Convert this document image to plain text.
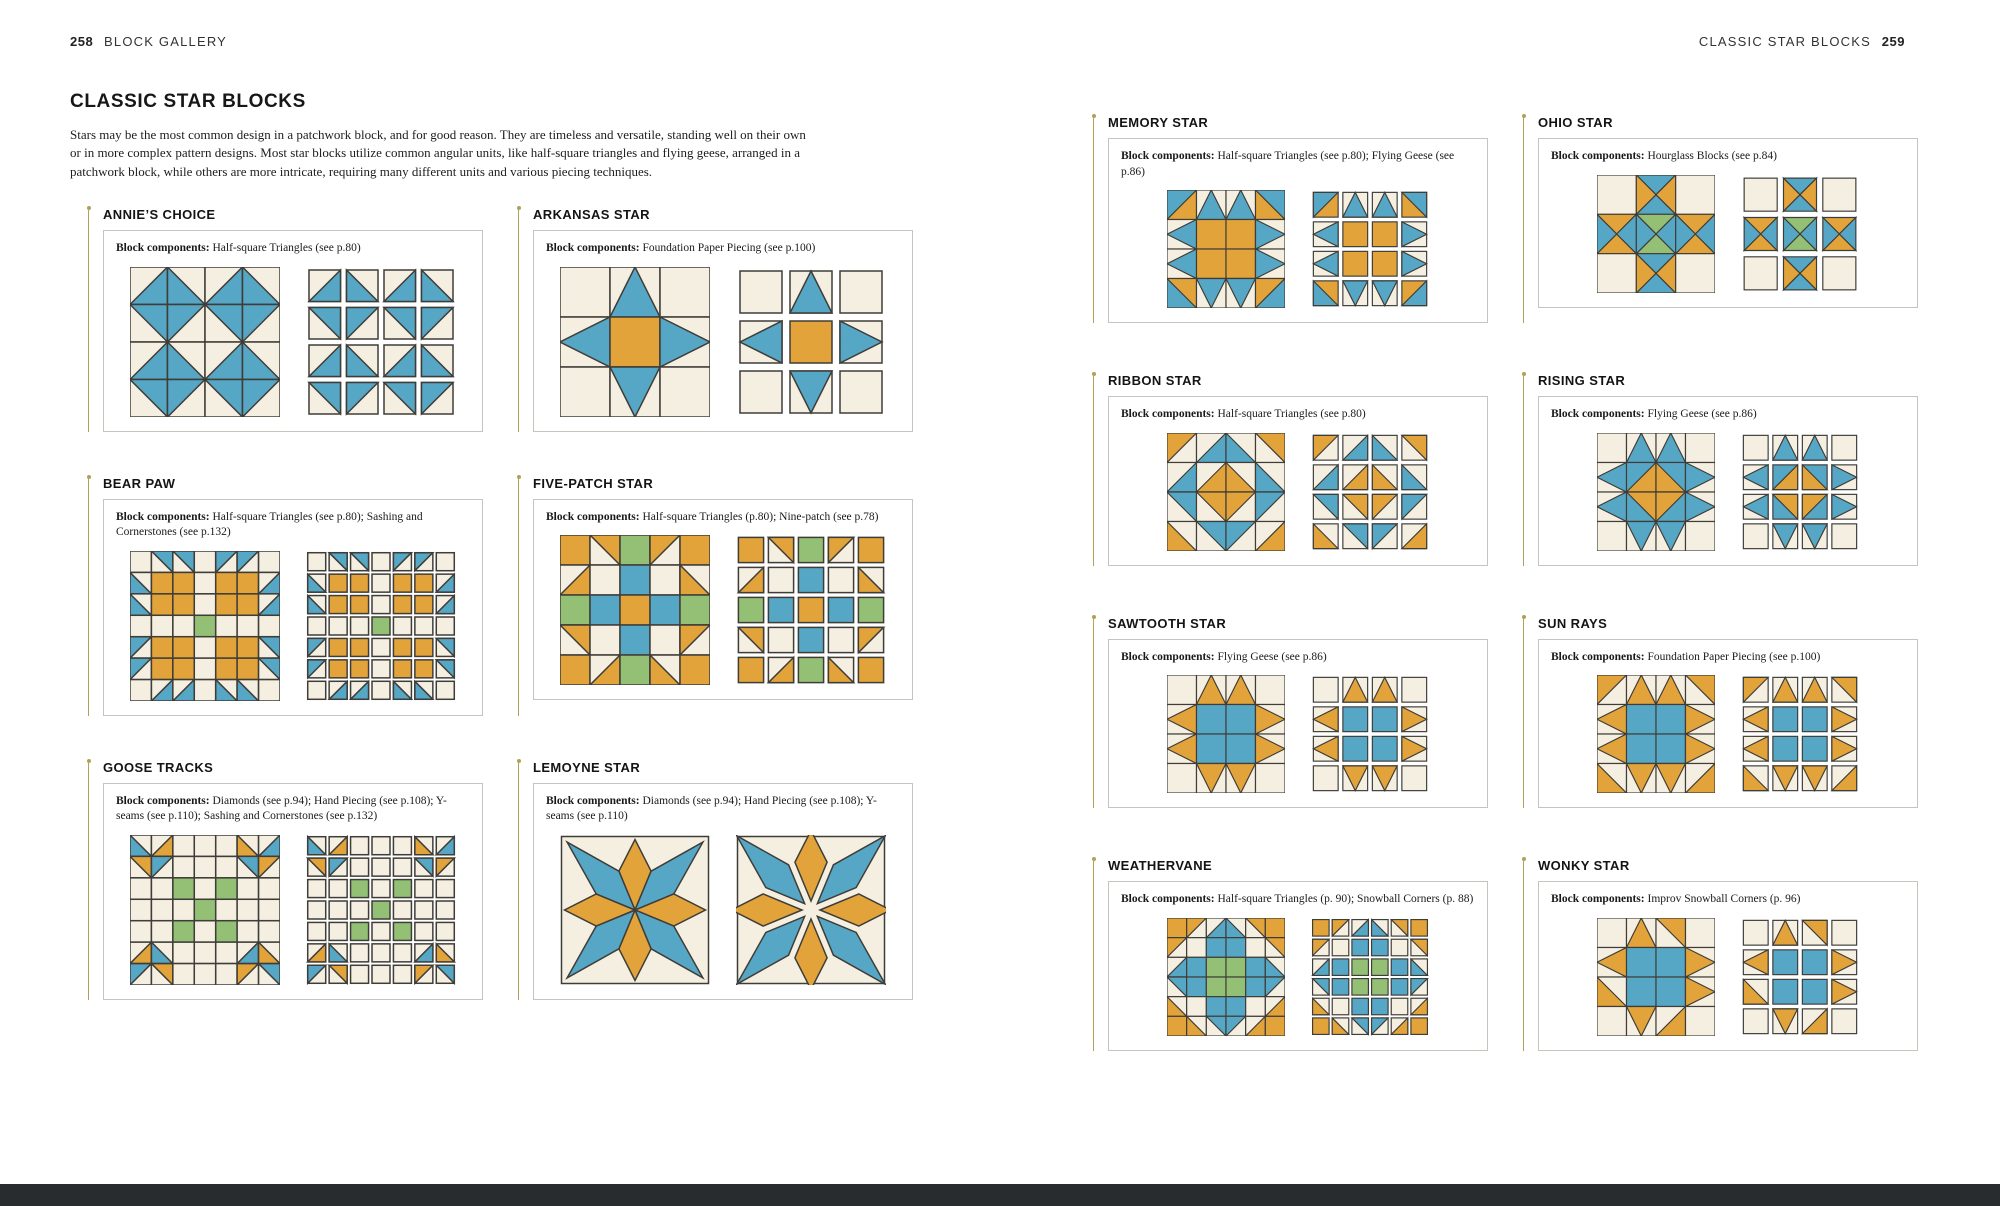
258 BLOCK GALLERY
CLASSIC STAR BLOCKS

Stars may be the most common design in a patchwork block, and for good reason. They are timeless and versatile, standing well on their own or in more complex pattern designs. Most star blocks utilize common angular units, like half-square triangles and flying geese, arranged in a patchwork block, while others are more intricate, requiring many different units and various piecing techniques.

ANNIE’S CHOICE

Block components: Half-square Triangles (see p.80)

ARKANSAS STAR

Block components: Foundation Paper Piecing (see p.100)

BEAR PAW

Block components: Half-square Triangles (see p.80); Sashing and Cornerstones (see p.132)

FIVE-PATCH STAR

Block components: Half-square Triangles (p.80); Nine-patch (see p.78)

GOOSE TRACKS

Block components: Diamonds (see p.94); Hand Piecing (see p.108); Y-seams (see p.110); Sashing and Cornerstones (see p.132)

LEMOYNE STAR

Block components: Diamonds (see p.94); Hand Piecing (see p.108); Y-seams (see p.110)

CLASSIC STAR BLOCKS 259
MEMORY STAR

Block components: Half-square Triangles (see p.80); Flying Geese (see p.86)

OHIO STAR

Block components: Hourglass Blocks (see p.84)

RIBBON STAR

Block components: Half-square Triangles (see p.80)

RISING STAR

Block components: Flying Geese (see p.86)

SAWTOOTH STAR

Block components: Flying Geese (see p.86)

SUN RAYS

Block components: Foundation Paper Piecing (see p.100)

WEATHERVANE

Block components: Half-square Triangles (p. 90); Snowball Corners (p. 88)

WONKY STAR

Block components: Improv Snowball Corners (p. 96)
